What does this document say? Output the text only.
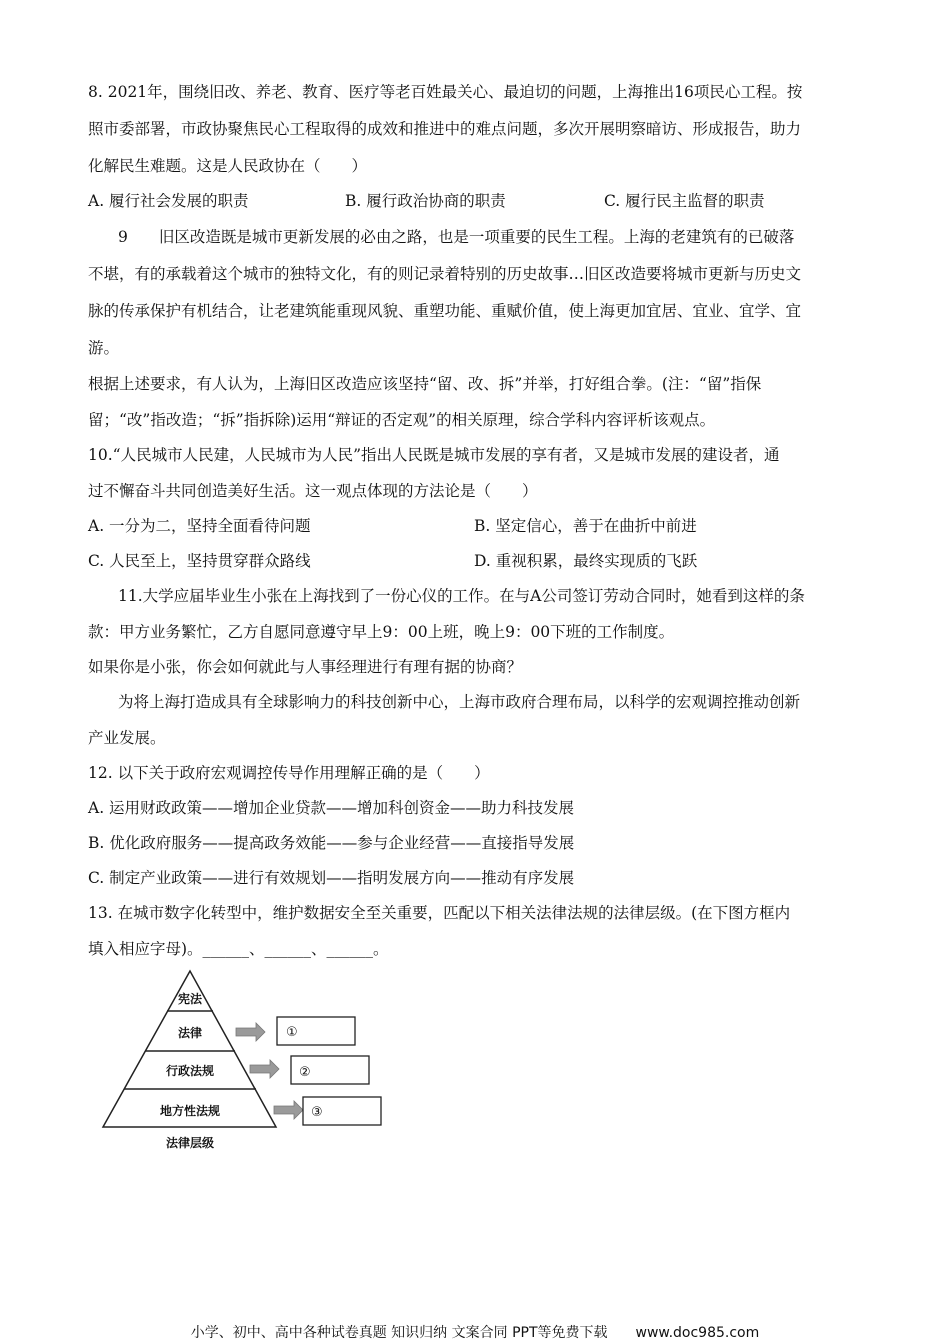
8. 2021年，围绕旧改、养老、教育、医疗等老百姓最关心、最迫切的问题，上海推出16项民心工程。按
照市委部署，市政协聚焦民心工程取得的成效和推进中的难点问题，多次开展明察暗访、形成报告，助力
化解民生难题。这是人民政协在（　　）
A. 履行社会发展的职责	B. 履行政治协商的职责	C. 履行民主监督的职责
9　　旧区改造既是城市更新发展的必由之路，也是一项重要的民生工程。上海的老建筑有的已破落
不堪，有的承载着这个城市的独特文化，有的则记录着特别的历史故事…旧区改造要将城市更新与历史文
脉的传承保护有机结合，让老建筑能重现风貌、重塑功能、重赋价值，使上海更加宜居、宜业、宜学、宜
游。
根据上述要求，有人认为，上海旧区改造应该坚持“留、改、拆”并举，打好组合拳。(注：“留”指保
留；“改”指改造；“拆”指拆除)运用“辩证的否定观”的相关原理，综合学科内容评析该观点。
10.“人民城市人民建，人民城市为人民”指出人民既是城市发展的享有者，又是城市发展的建设者，通
过不懈奋斗共同创造美好生活。这一观点体现的方法论是（　　）
A. 一分为二，坚持全面看待问题	B. 坚定信心，善于在曲折中前进
C. 人民至上，坚持贯穿群众路线	D. 重视积累，最终实现质的飞跃
11.大学应届毕业生小张在上海找到了一份心仪的工作。在与A公司签订劳动合同时，她看到这样的条
款：甲方业务繁忙，乙方自愿同意遵守早上9：00上班，晚上9：00下班的工作制度。
如果你是小张，你会如何就此与人事经理进行有理有据的协商？
为将上海打造成具有全球影响力的科技创新中心，上海市政府合理布局，以科学的宏观调控推动创新
产业发展。
12. 以下关于政府宏观调控传导作用理解正确的是（　　）
A. 运用财政政策——增加企业贷款——增加科创资金——助力科技发展
B. 优化政府服务——提高政务效能——参与企业经营——直接指导发展
C. 制定产业政策——进行有效规划——指明发展方向——推动有序发展
13. 在城市数字化转型中，维护数据安全至关重要，匹配以下相关法律法规的法律层级。(在下图方框内
填入相应字母)。______、______、______。
宪法
法律
行政法规
地方性法规
①
②
③
法律层级
小学、初中、高中各种试卷真题 知识归纳 文案合同 PPT等免费下载　　www.doc985.com
